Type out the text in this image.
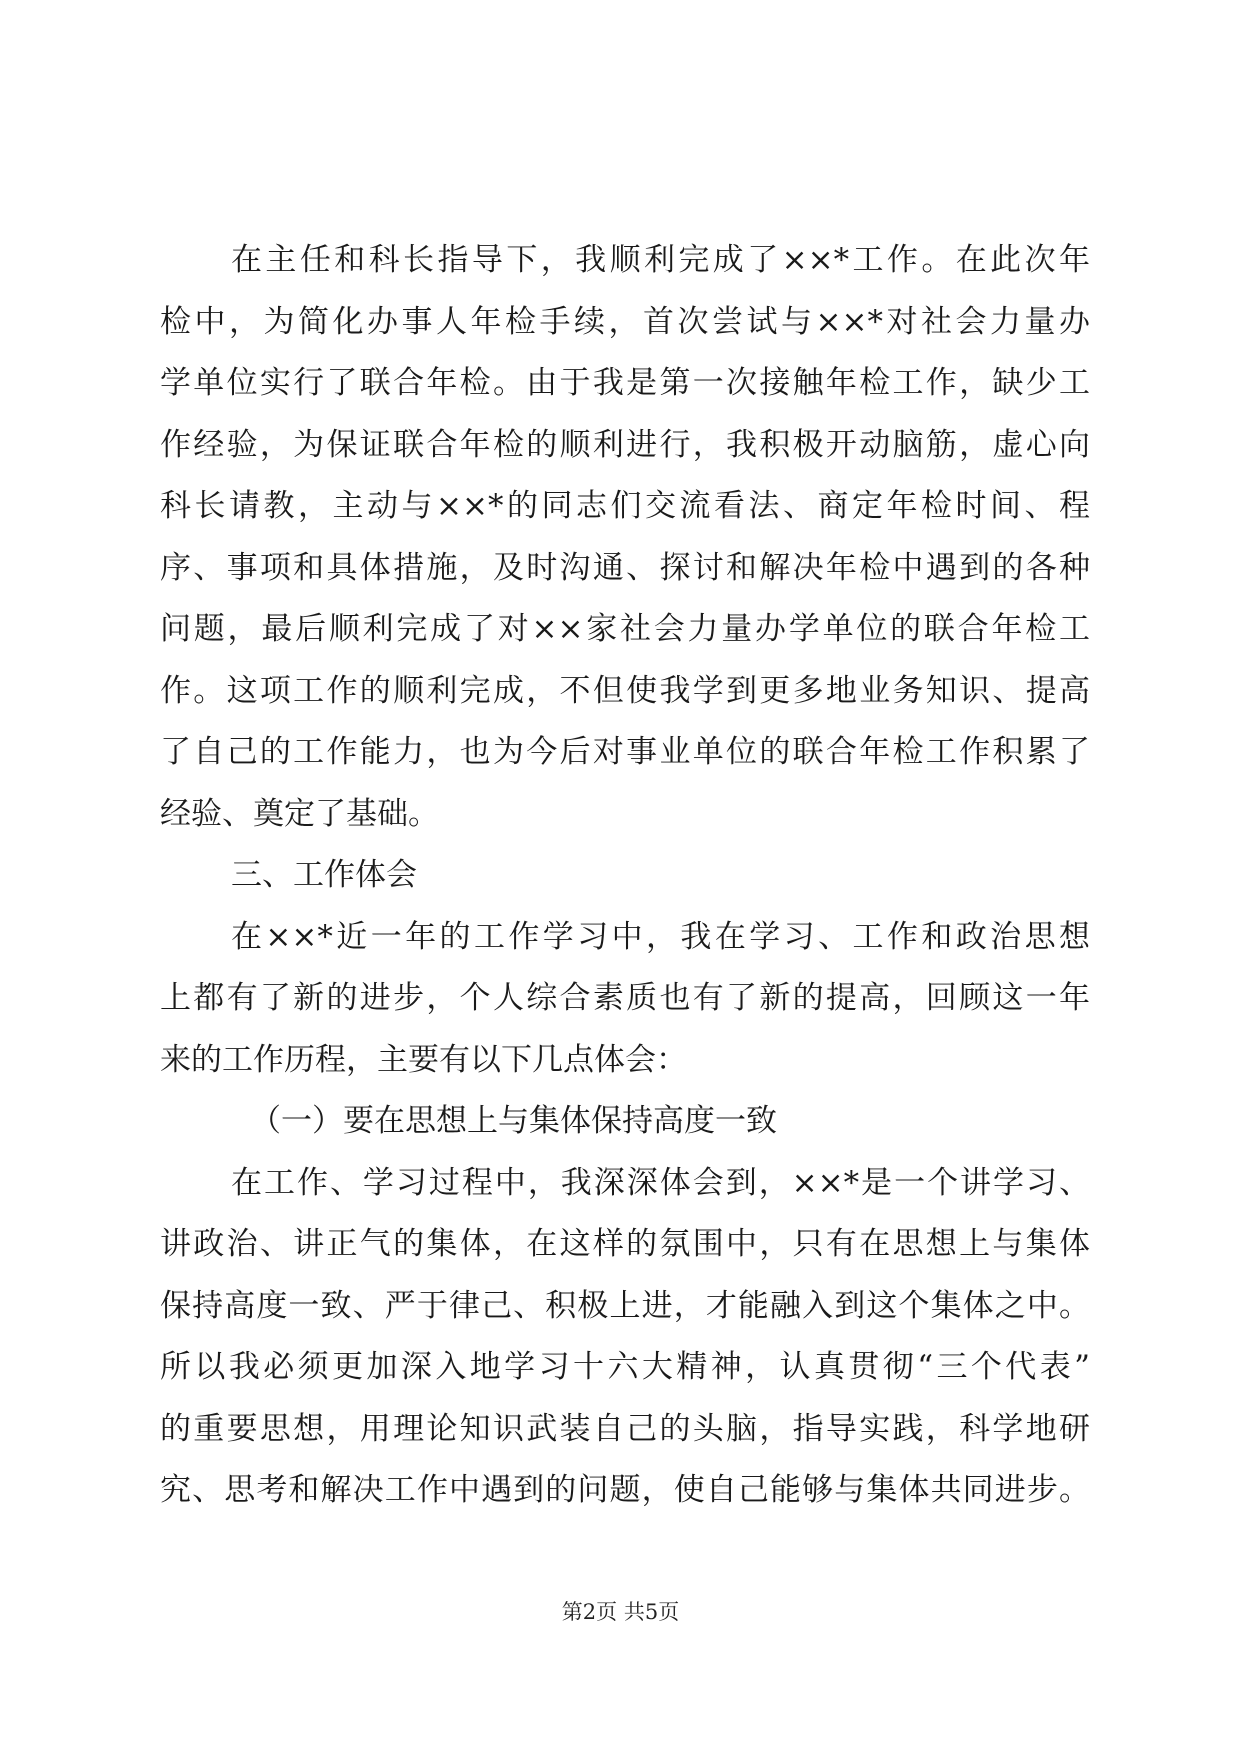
在主任和科长指导下，我顺利完成了××*工作。在此次年
检中，为简化办事人年检手续，首次尝试与××*对社会力量办
学单位实行了联合年检。由于我是第一次接触年检工作，缺少工
作经验，为保证联合年检的顺利进行，我积极开动脑筋，虚心向
科长请教，主动与××*的同志们交流看法、商定年检时间、程
序、事项和具体措施，及时沟通、探讨和解决年检中遇到的各种
问题，最后顺利完成了对××家社会力量办学单位的联合年检工
作。这项工作的顺利完成，不但使我学到更多地业务知识、提高
了自己的工作能力，也为今后对事业单位的联合年检工作积累了
经验、奠定了基础。
三、工作体会
在××*近一年的工作学习中，我在学习、工作和政治思想
上都有了新的进步，个人综合素质也有了新的提高，回顾这一年
来的工作历程，主要有以下几点体会：
（一）要在思想上与集体保持高度一致
在工作、学习过程中，我深深体会到，××*是一个讲学习、
讲政治、讲正气的集体，在这样的氛围中，只有在思想上与集体
保持高度一致、严于律己、积极上进，才能融入到这个集体之中。
所以我必须更加深入地学习十六大精神，认真贯彻“三个代表”
的重要思想，用理论知识武装自己的头脑，指导实践，科学地研
究、思考和解决工作中遇到的问题，使自己能够与集体共同进步。
第2页 共5页
